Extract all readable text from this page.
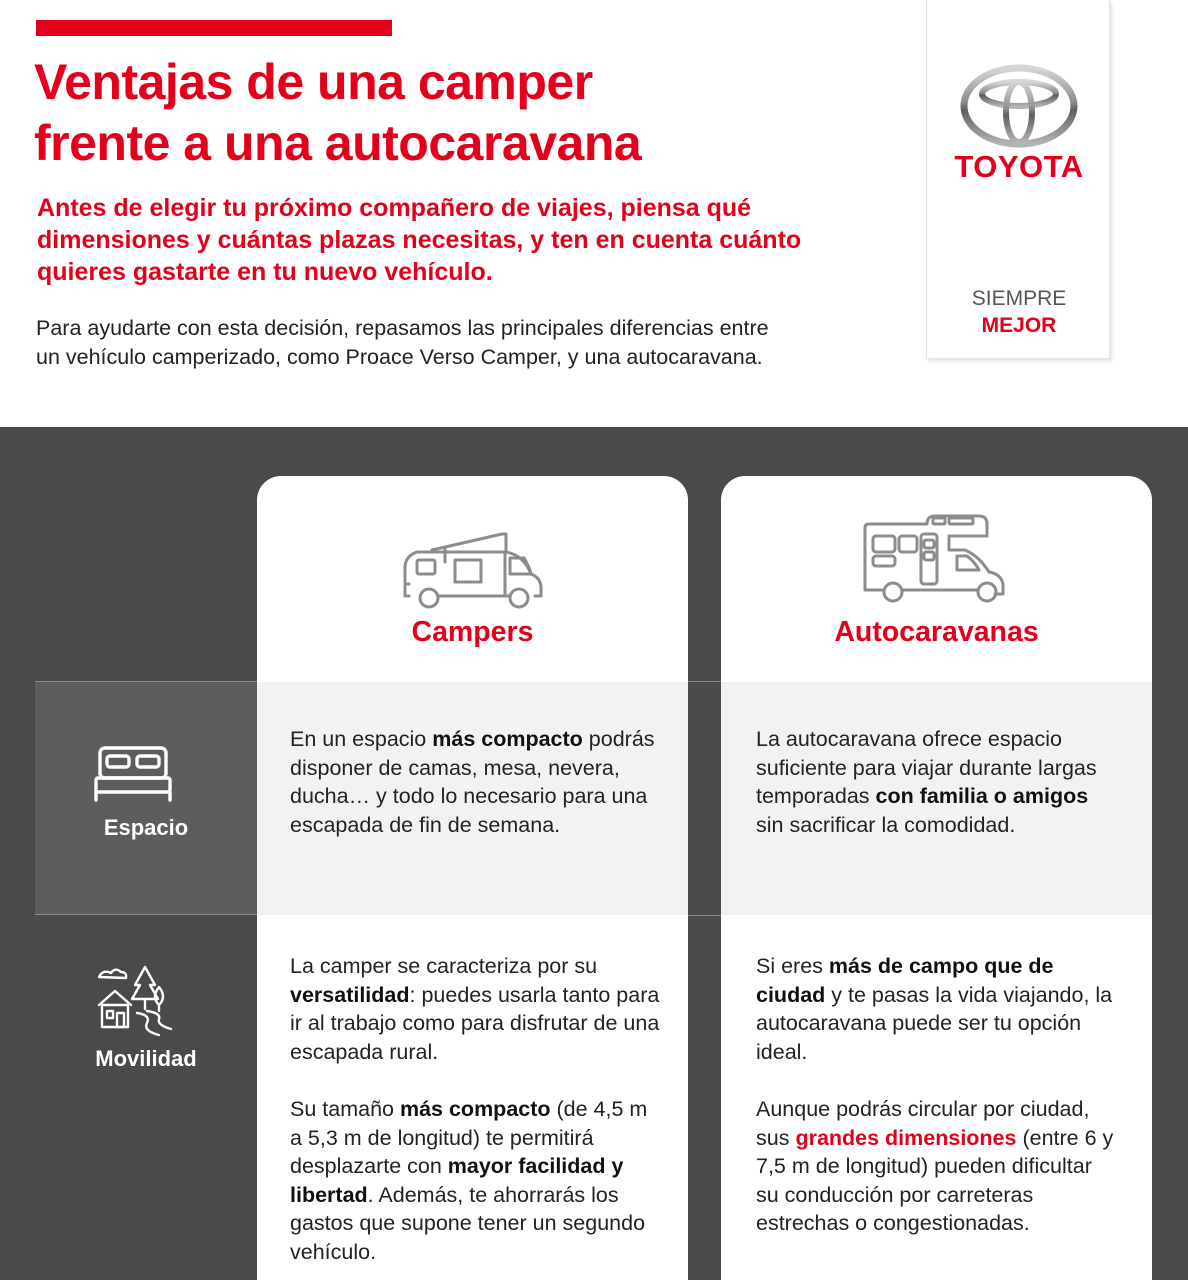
Ventajas de una camper
frente a una autocaravana

Antes de elegir tu próximo compañero de viajes, piensa qué
dimensiones y cuántas plazas necesitas, y ten en cuenta cuánto
quieres gastarte en tu nuevo vehículo.

Para ayudarte con esta decisión, repasamos las principales diferencias entre
un vehículo camperizado, como Proace Verso Camper, y una autocaravana.

TOYOTA
SIEMPRE
MEJOR
Espacio
Movilidad
Campers
En un espacio más compacto podrás disponer de camas, mesa, nevera, ducha… y todo lo necesario para una escapada de fin de semana.

La camper se caracteriza por su versatilidad: puedes usarla tanto para ir al trabajo como para disfrutar de una escapada rural.

Su tamaño más compacto (de 4,5 m a 5,3 m de longitud) te permitirá desplazarte con mayor facilidad y libertad. Además, te ahorrarás los gastos que supone tener un segundo vehículo.

Autocaravanas
La autocaravana ofrece espacio suficiente para viajar durante largas temporadas con familia o amigos sin sacrificar la comodidad.

Si eres más de campo que de ciudad y te pasas la vida viajando, la autocaravana puede ser tu opción ideal.

Aunque podrás circular por ciudad, sus grandes dimensiones (entre 6 y 7,5 m de longitud) pueden dificultar su conducción por carreteras estrechas o congestionadas.
